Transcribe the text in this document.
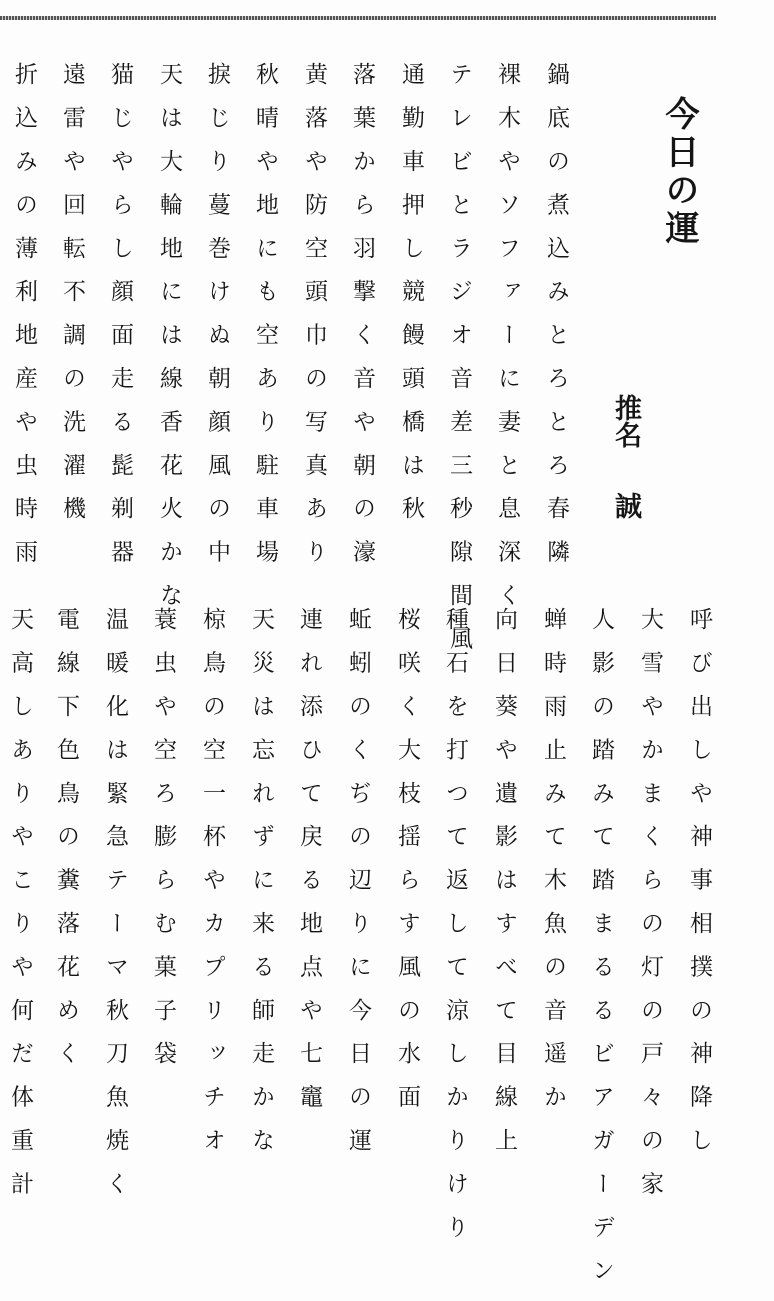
今日の運
推名
誠
鍋底の煮込みとろとろ春隣
裸木やソファーに妻と息深く
テレビとラジオ音差三秒隙間風
通勤車押し競饅頭橋は秋
落葉から羽撃く音や朝の濠
黄落や防空頭巾の写真あり
秋晴や地にも空あり駐車場
捩じり蔓巻けぬ朝顔風の中
天は大輪地には線香花火かな
猫じやらし顔面走る髭剃器
遠雷や回転不調の洗濯機
折込みの薄利地産や虫時雨
呼び出しや神事相撲の神降し
大雪やかまくらの灯の戸々の家
人影の踏みて踏まるるビアガーデン
蝉時雨止みて木魚の音遥か
向日葵や遺影はすべて目線上
種石を打つて返して涼しかりけり
桜咲く大枝揺らす風の水面
蚯蚓のくぢの辺りに今日の運
連れ添ひて戻る地点や七竈
天災は忘れずに来る師走かな
椋鳥の空一杯やカプリッチオ
蓑虫や空ろ膨らむ菓子袋
温暖化は緊急テーマ秋刀魚焼く
電線下色鳥の糞落花めく
天高しありやこりや何だ体重計
